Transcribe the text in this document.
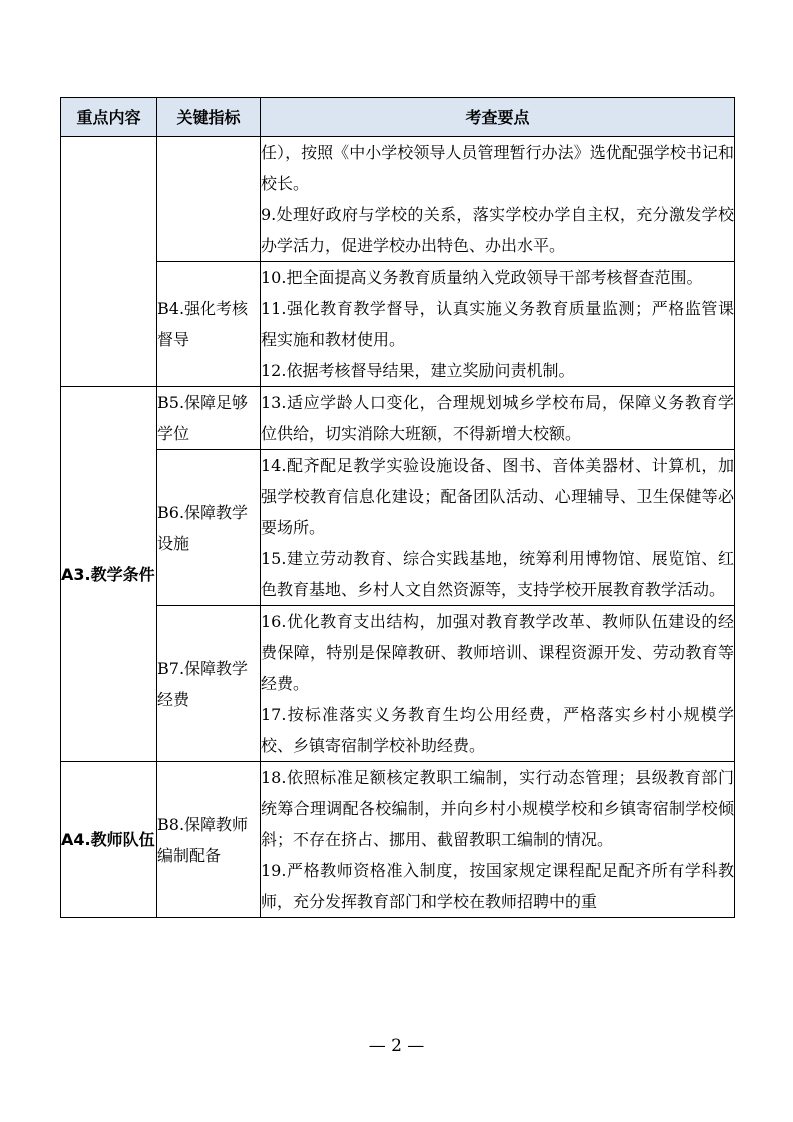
重点内容	关键指标	考查要点

		任），按照《中小学校领导人员管理暂行办法》选优配强学校书记和校长。

9.处理好政府与学校的关系，落实学校办学自主权，充分激发学校办学活力，促进学校办出特色、办出水平。

	B4.强化考核督导	10.把全面提高义务教育质量纳入党政领导干部考核督查范围。

11.强化教育教学督导，认真实施义务教育质量监测；严格监管课程实施和教材使用。

12.依据考核督导结果，建立奖励问责机制。

A3.教学条件	B5.保障足够学位	13.适应学龄人口变化，合理规划城乡学校布局，保障义务教育学位供给，切实消除大班额，不得新增大校额。

	B6.保障教学设施	14.配齐配足教学实验设施设备、图书、音体美器材、计算机，加强学校教育信息化建设；配备团队活动、心理辅导、卫生保健等必要场所。

15.建立劳动教育、综合实践基地，统筹利用博物馆、展览馆、红色教育基地、乡村人文自然资源等，支持学校开展教育教学活动。

	B7.保障教学经费	16.优化教育支出结构，加强对教育教学改革、教师队伍建设的经费保障，特别是保障教研、教师培训、课程资源开发、劳动教育等经费。

17.按标准落实义务教育生均公用经费，严格落实乡村小规模学校、乡镇寄宿制学校补助经费。

A4.教师队伍	B8.保障教师编制配备	18.依照标准足额核定教职工编制，实行动态管理；县级教育部门统筹合理调配各校编制，并向乡村小规模学校和乡镇寄宿制学校倾斜；不存在挤占、挪用、截留教职工编制的情况。

19.严格教师资格准入制度，按国家规定课程配足配齐所有学科教师，充分发挥教育部门和学校在教师招聘中的重

— 2 —
